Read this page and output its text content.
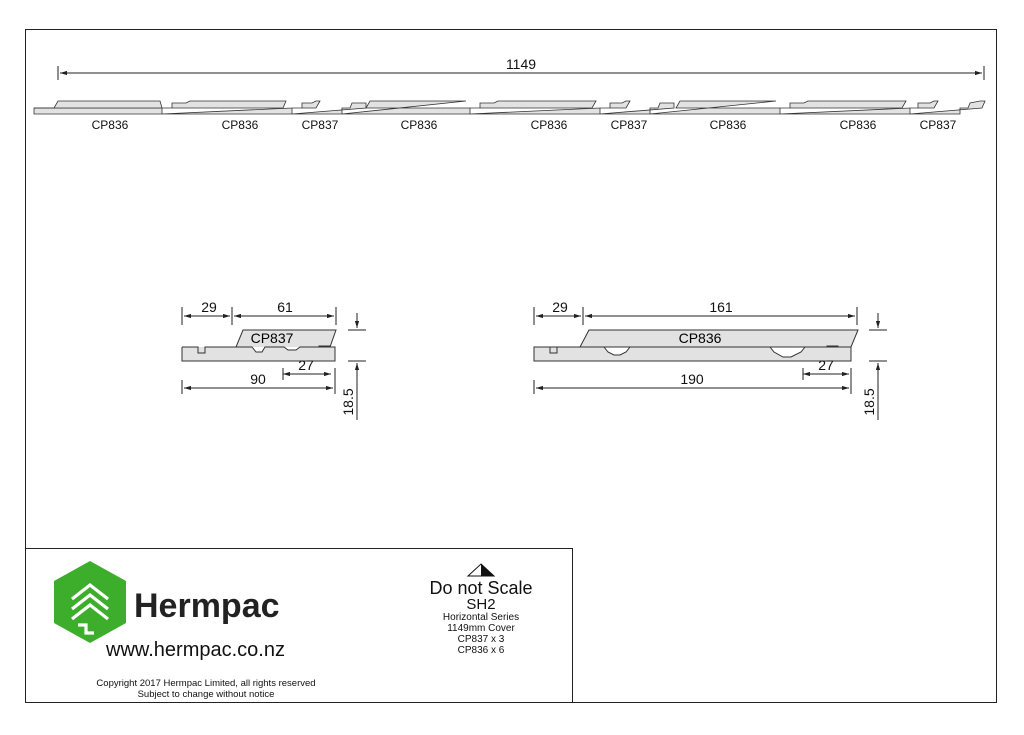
1149
CP836	CP836	CP837	CP836	CP836	CP837	CP836	CP836	CP837
CP837
29	61
27
90
18.5
CP836
29	161
27
190
18.5
Hermpac
www.hermpac.co.nz
Copyright 2017 Hermpac Limited, all rights reserved
Subject to change without notice
Do not Scale
SH2
Horizontal Series
1149mm Cover
CP837 x 3
CP836 x 6
